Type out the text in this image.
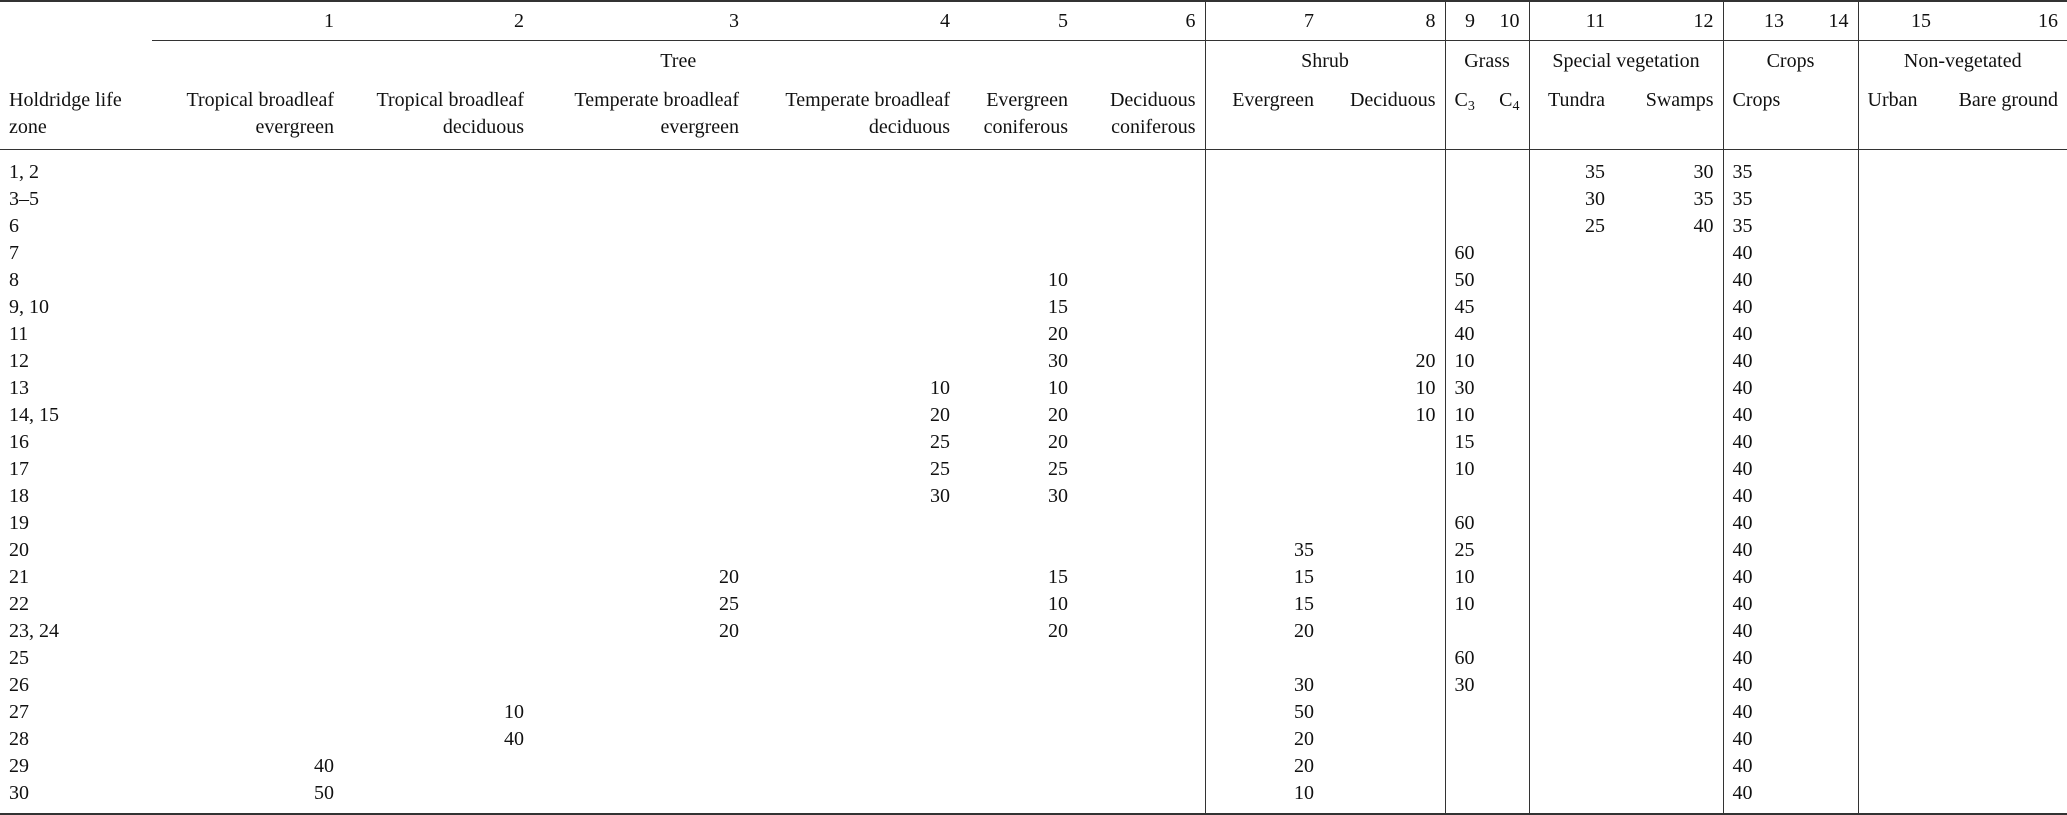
	1	2	3	4	5	6	7	8	9	10	11	12	13	14	15	16
	Tree						Shrub		Grass		Special vegetation		Crops		Non-vegetated	
Holdridge life zone	Tropical broadleaf evergreen	Tropical broadleaf deciduous	Temperate broadleaf evergreen	Temperate broadleaf deciduous	Evergreen coniferous	Deciduous coniferous	Evergreen	Deciduous	$C_3$	$C_4$	Tundra	Swamps	Crops		Urban	Bare ground

1, 2											35	30	35			
3–5											30	35	35			
6											25	40	35			
7									60				40			
8					10				50				40			
9, 10					15				45				40			
11					20				40				40			
12					30			20	10				40			
13				10	10			10	30				40			
14, 15				20	20			10	10				40			
16				25	20				15				40			
17				25	25				10				40			
18				30	30								40			
19									60				40			
20							35		25				40			
21			20		15		15		10				40			
22			25		10		15		10				40			
23, 24			20		20		20						40			
25									60				40			
26							30		30				40			
27		10					50						40			
28		40					20						40			
29	40						20						40			
30	50						10						40			
